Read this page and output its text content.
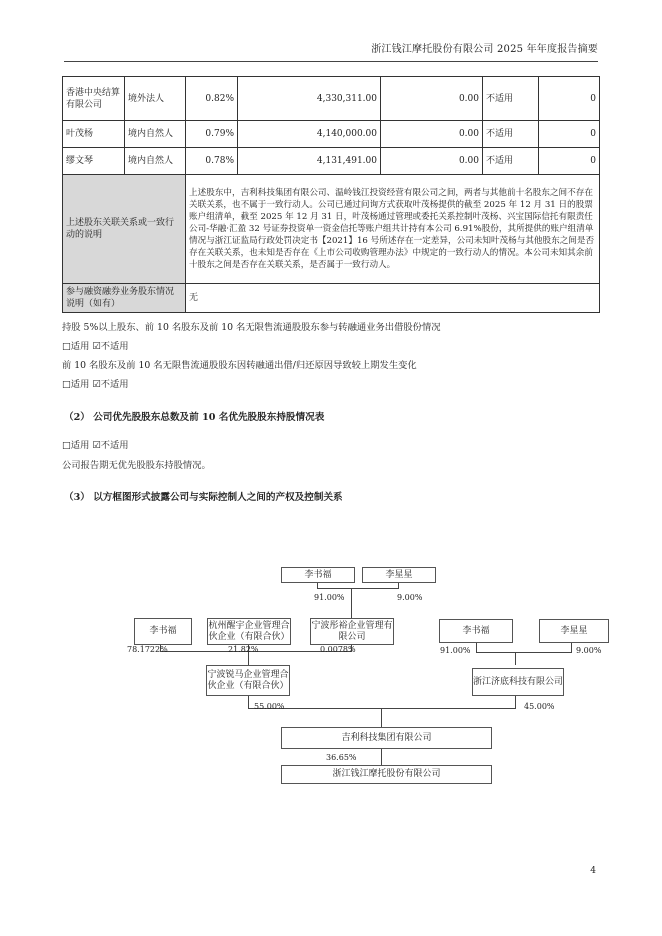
浙江钱江摩托股份有限公司 2025 年年度报告摘要
香港中央结算有限公司	境外法人	0.82%	4,330,311.00	0.00	不适用	0
叶茂杨	境内自然人	0.79%	4,140,000.00	0.00	不适用	0
缪文琴	境内自然人	0.78%	4,131,491.00	0.00	不适用	0
上述股东关联关系或一致行动的说明		上述股东中，吉利科技集团有限公司、温岭钱江投资经营有限公司之间，两者与其他前十名股东之间不存在关联关系，也不属于一致行动人。公司已通过问询方式获取叶茂杨提供的截至 2025 年 12 月 31 日的股票账户组清单，截至 2025 年 12 月 31 日，叶茂杨通过管理或委托关系控制叶茂杨、兴宝国际信托有限责任公司-华融·汇盈 32 号证券投资单一资金信托等账户组共计持有本公司 6.91%股份，其所提供的账户组清单情况与浙江证监局行政处罚决定书【2021】16 号所述存在一定差异，公司未知叶茂杨与其他股东之间是否存在关联关系，也未知是否存在《上市公司收购管理办法》中规定的一致行动人的情况。本公司未知其余前十股东之间是否存在关联关系，是否属于一致行动人。				
参与融资融券业务股东情况说明（如有）		无				
持股 5%以上股东、前 10 名股东及前 10 名无限售流通股股东参与转融通业务出借股份情况
□适用 ☑不适用
前 10 名股东及前 10 名无限售流通股股东因转融通出借/归还原因导致较上期发生变化
□适用 ☑不适用
（2） 公司优先股股东总数及前 10 名优先股股东持股情况表
□适用 ☑不适用
公司报告期无优先股股东持股情况。
（3） 以方框图形式披露公司与实际控制人之间的产权及控制关系
李书福	李星星
91.00%	9.00%
李书福
杭州醒宇企业管理合伙企业（有限合伙）
宁波彤裕企业管理有限公司
78.1722%	21.82%	0.0078%
李书福	李星星
91.00%	9.00%
宁波锐马企业管理合伙企业（有限合伙）	浙江济底科技有限公司
55.00%	45.00%
吉利科技集团有限公司
36.65%
浙江钱江摩托股份有限公司
4
